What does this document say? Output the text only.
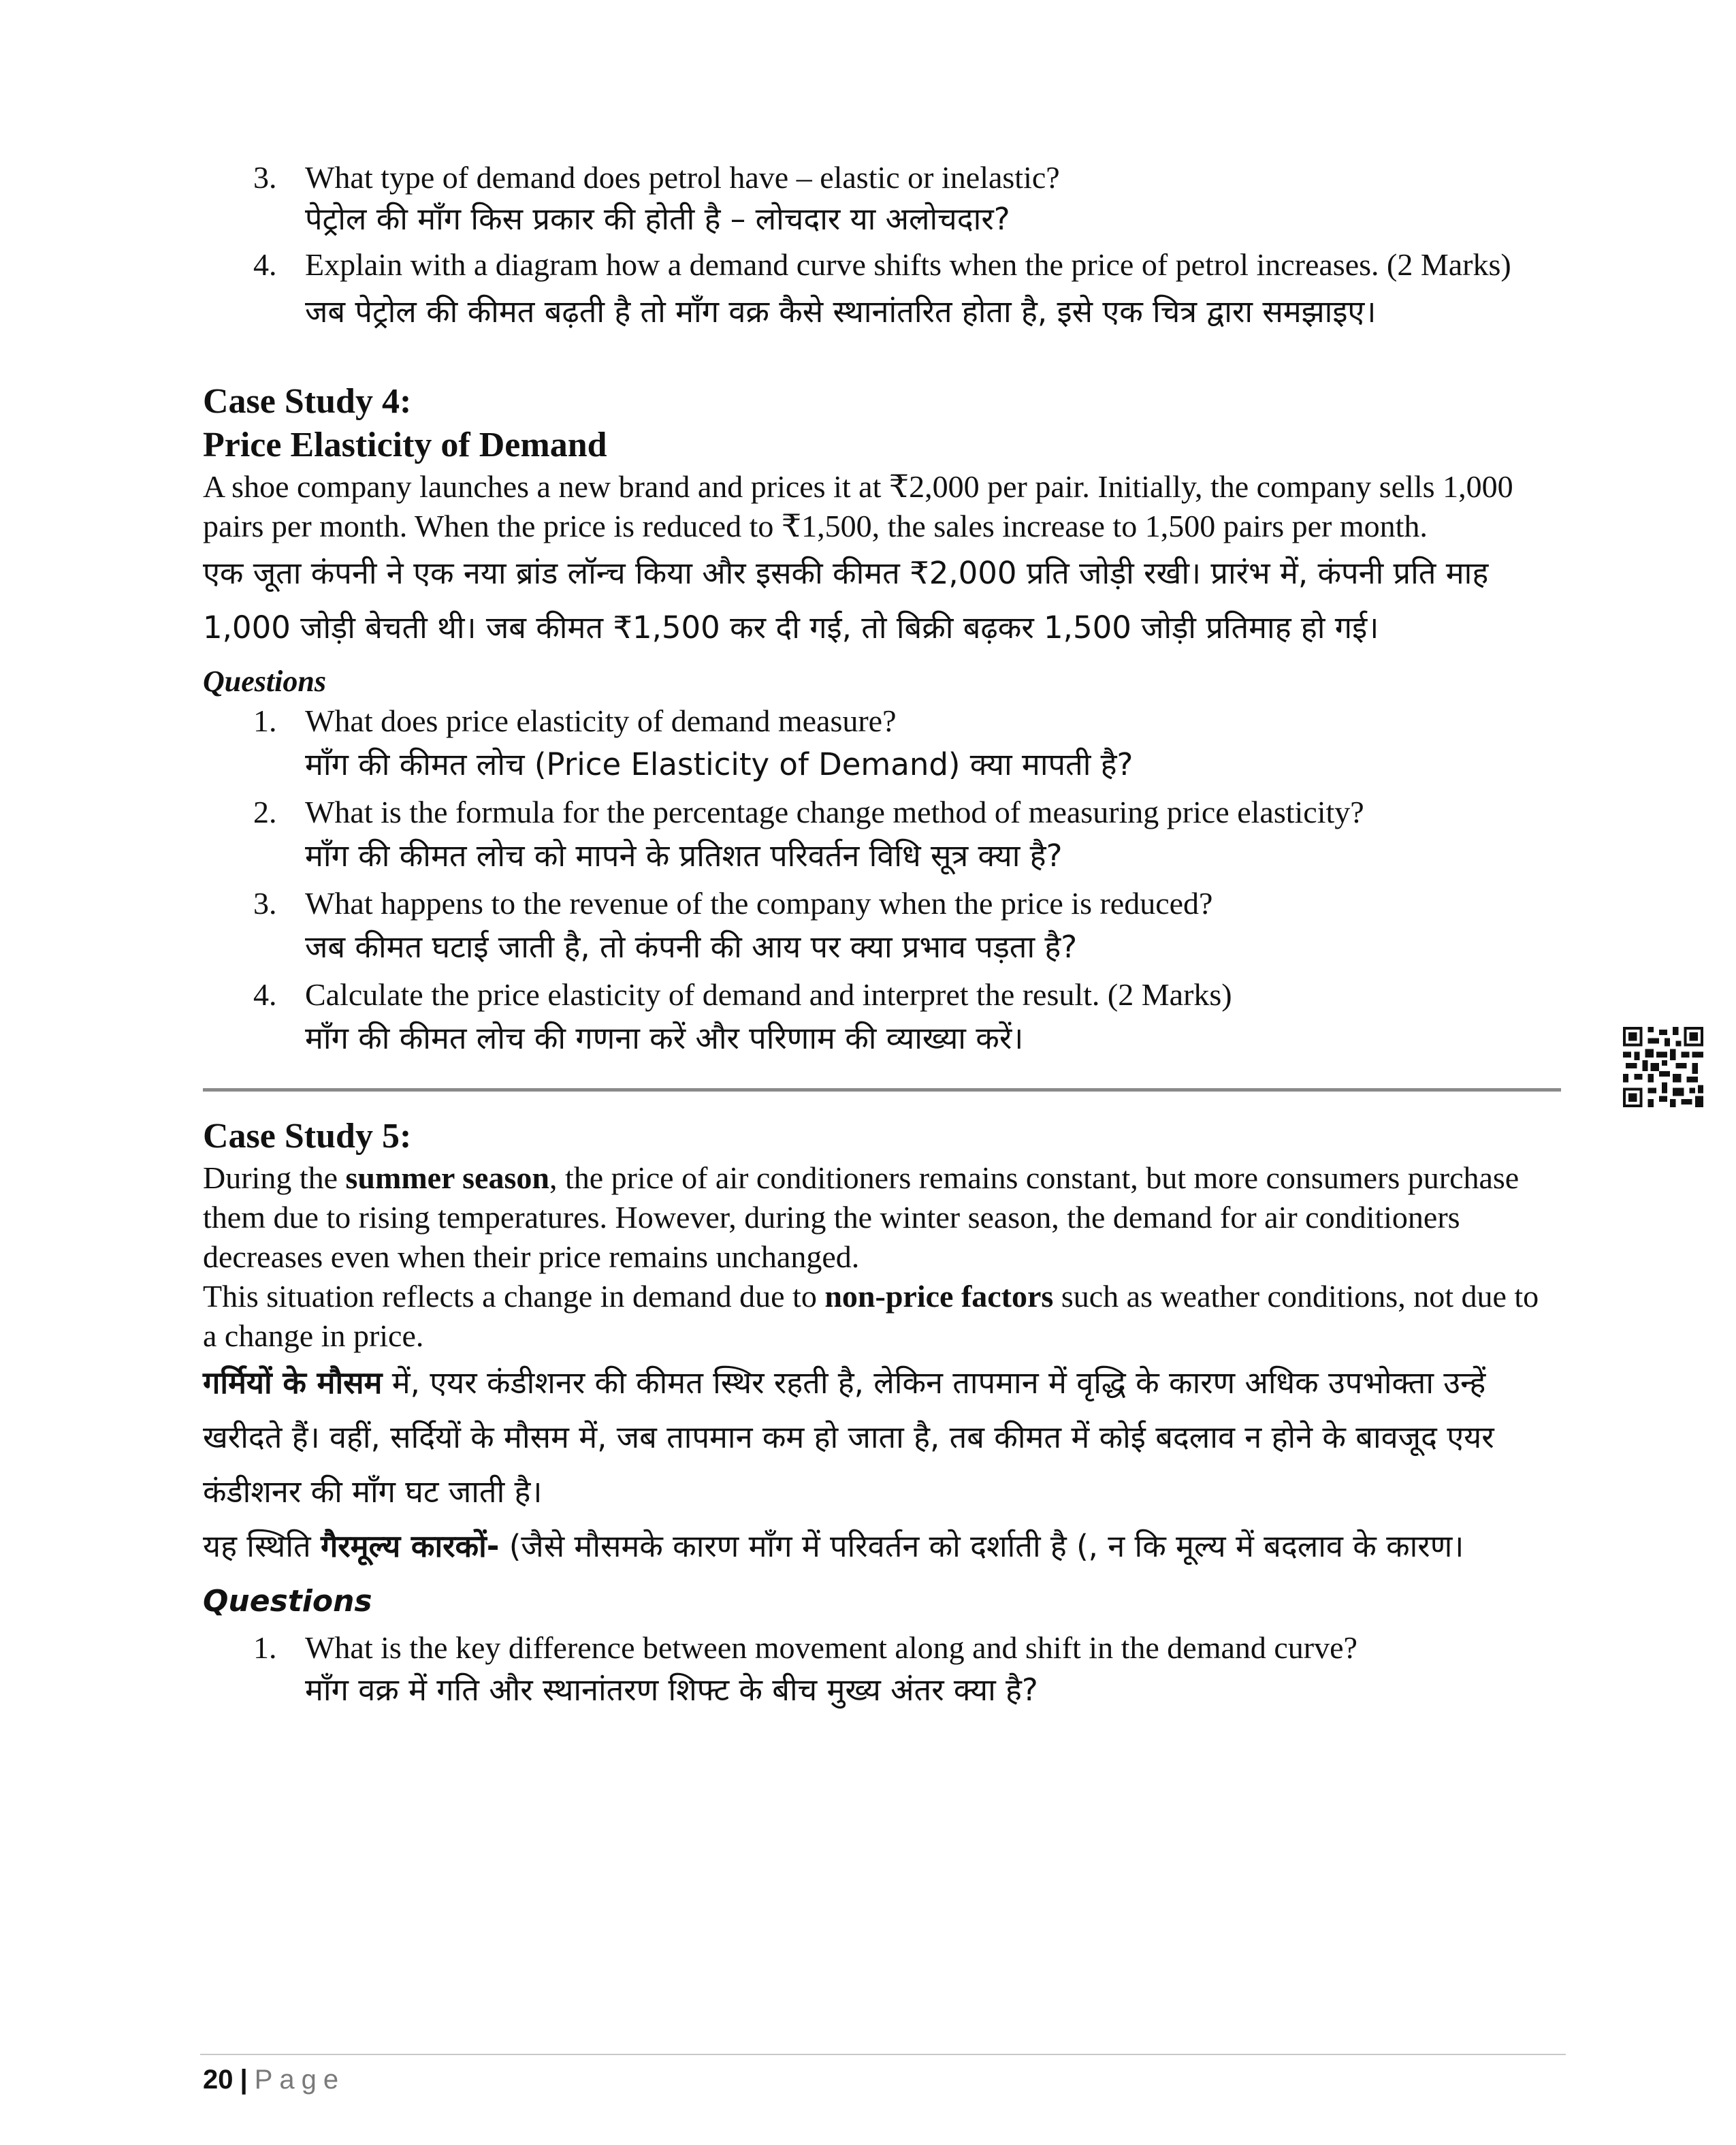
3. What type of demand does petrol have – elastic or inelastic?
पेट्रोल की माँग किस प्रकार की होती है – लोचदार या अलोचदार?
4. Explain with a diagram how a demand curve shifts when the price of petrol increases. (2 Marks)
जब पेट्रोल की कीमत बढ़ती है तो माँग वक्र कैसे स्थानांतरित होता है, इसे एक चित्र द्वारा समझाइए।
Case Study 4:
Price Elasticity of Demand

A shoe company launches a new brand and prices it at ₹2,000 per pair. Initially, the company sells 1,000 pairs per month. When the price is reduced to ₹1,500, the sales increase to 1,500 pairs per month.

एक जूता कंपनी ने एक नया ब्रांड लॉन्च किया और इसकी कीमत ₹2,000 प्रति जोड़ी रखी। प्रारंभ में, कंपनी प्रति माह 1,000 जोड़ी बेचती थी। जब कीमत ₹1,500 कर दी गई, तो बिक्री बढ़कर 1,500 जोड़ी प्रतिमाह हो गई।

Questions
1. What does price elasticity of demand measure?
माँग की कीमत लोच (Price Elasticity of Demand) क्या मापती है?
2. What is the formula for the percentage change method of measuring price elasticity?
माँग की कीमत लोच को मापने के प्रतिशत परिवर्तन विधि सूत्र क्या है?
3. What happens to the revenue of the company when the price is reduced?
जब कीमत घटाई जाती है, तो कंपनी की आय पर क्या प्रभाव पड़ता है?
4. Calculate the price elasticity of demand and interpret the result. (2 Marks)
माँग की कीमत लोच की गणना करें और परिणाम की व्याख्या करें।
Case Study 5:

During the summer season, the price of air conditioners remains constant, but more consumers purchase them due to rising temperatures. However, during the winter season, the demand for air conditioners decreases even when their price remains unchanged.

This situation reflects a change in demand due to non-price factors such as weather conditions, not due to a change in price.

गर्मियों के मौसम में, एयर कंडीशनर की कीमत स्थिर रहती है, लेकिन तापमान में वृद्धि के कारण अधिक उपभोक्ता उन्हें खरीदते हैं। वहीं, सर्दियों के मौसम में, जब तापमान कम हो जाता है, तब कीमत में कोई बदलाव न होने के बावजूद एयर कंडीशनर की माँग घट जाती है।

यह स्थिति गैरमूल्य कारकों- (जैसे मौसमके कारण माँग में परिवर्तन को दर्शाती है (, न कि मूल्य में बदलाव के कारण।Questions

1. What is the key difference between movement along and shift in the demand curve?
माँग वक्र में गति और स्थानांतरण शिफ्ट के बीच मुख्य अंतर क्या है?
20 | Page
